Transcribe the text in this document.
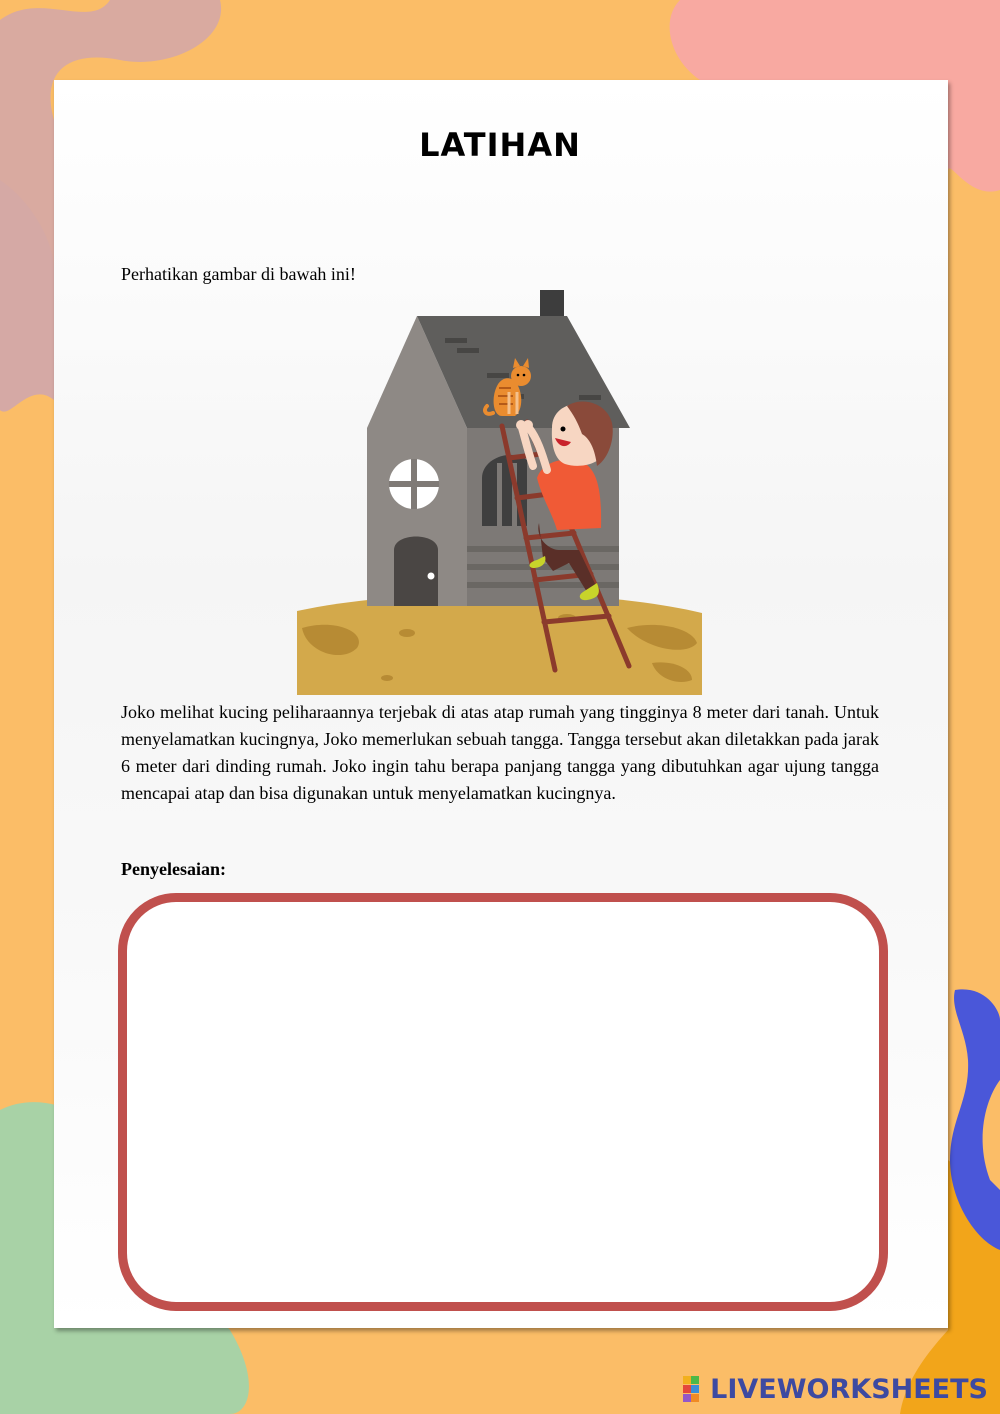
LATIHAN
Perhatikan gambar di bawah ini!

Joko melihat kucing peliharaannya terjebak di atas atap rumah yang tingginya 8 meter dari tanah. Untuk menyelamatkan kucingnya, Joko memerlukan sebuah tangga. Tangga tersebut akan diletakkan pada jarak 6 meter dari dinding rumah. Joko ingin tahu berapa panjang tangga yang dibutuhkan agar ujung tangga mencapai atap dan bisa digunakan untuk menyelamatkan kucingnya.

Penyelesaian:
LIVEWORKSHEETS
